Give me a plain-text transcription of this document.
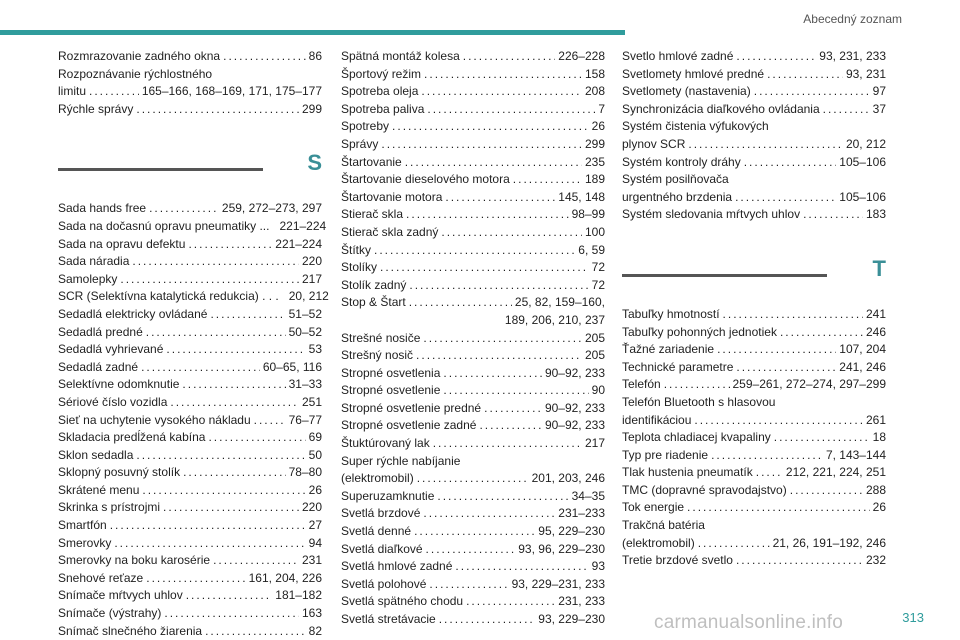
Abecedný zoznam
Rozmrazovanie zadného okna .....	86
Rozpoznávanie rýchlostného
limitu .....	165–166, 168–169, 171, 175–177
Rýchle správy .....	299
S
Sada hands free .....	259, 272–273, 297
Sada na dočasnú opravu pneumatiky ... 221–224
Sada na opravu defektu .....	221–224
Sada náradia .....	220
Samolepky .....	217
SCR (Selektívna katalytická redukcia) . . . 20, 212
Sedadlá elektricky ovládané .....	51–52
Sedadlá predné .....	50–52
Sedadlá vyhrievané .....	53
Sedadlá zadné .....	60–65, 116
Selektívne odomknutie .....	31–33
Sériové číslo vozidla .....	251
Sieť na uchytenie vysokého nákladu .....	76–77
Skladacia predĺžená kabína .....	69
Sklon sedadla .....	50
Sklopný posuvný stolík .....	78–80
Skrátené menu .....	26
Skrinka s prístrojmi .....	220
Smartfón .....	27
Smerovky .....	94
Smerovky na boku karosérie .....	231
Snehové reťaze .....	161, 204, 226
Snímače mŕtvych uhlov .....	181–182
Snímače (výstrahy) .....	163
Snímač slnečného žiarenia .....	82
Spätná montáž kolesa .....	226–228
Športový režim .....	158
Spotreba oleja .....	208
Spotreba paliva .....	7
Spotreby .....	26
Správy .....	299
Štartovanie .....	235
Štartovanie dieselového motora .....	189
Štartovanie motora .....	145, 148
Stierač skla .....	98–99
Stierač skla zadný .....	100
Štítky .....	6, 59
Stolíky .....	72
Stolík zadný .....	72
Stop & Štart .....	25, 82, 159–160,
189, 206, 210, 237
Strešné nosiče .....	205
Strešný nosič .....	205
Stropné osvetlenia .....	90–92, 233
Stropné osvetlenie .....	90
Stropné osvetlenie predné .....	90–92, 233
Stropné osvetlenie zadné .....	90–92, 233
Štuktúrovaný lak .....	217
Super rýchle nabíjanie
(elektromobil) .....	201, 203, 246
Superuzamknutie .....	34–35
Svetlá brzdové .....	231–233
Svetlá denné .....	95, 229–230
Svetlá diaľkové .....	93, 96, 229–230
Svetlá hmlové zadné .....	93
Svetlá polohové .....	93, 229–231, 233
Svetlá spätného chodu .....	231, 233
Svetlá stretávacie .....	93, 229–230
Svetlo hmlové zadné .....	93, 231, 233
Svetlomety hmlové predné .....	93, 231
Svetlomety (nastavenia) .....	97
Synchronizácia diaľkového ovládania .....	37
Systém čistenia výfukových
plynov SCR .....	20, 212
Systém kontroly dráhy .....	105–106
Systém posilňovača
urgentného brzdenia .....	105–106
Systém sledovania mŕtvych uhlov .....	183
T
Tabuľky hmotností .....	241
Tabuľky pohonných jednotiek .....	246
Ťažné zariadenie .....	107, 204
Technické parametre .....	241, 246
Telefón .....	259–261, 272–274, 297–299
Telefón Bluetooth s hlasovou
identifikáciou .....	261
Teplota chladiacej kvapaliny .....	18
Typ pre riadenie .....	7, 143–144
Tlak hustenia pneumatík .....	212, 221, 224, 251
TMC (dopravné spravodajstvo) .....	288
Tok energie .....	26
Trakčná batéria
(elektromobil) .....	21, 26, 191–192, 246
Tretie brzdové svetlo .....	232
carmanualsonline.info	313
